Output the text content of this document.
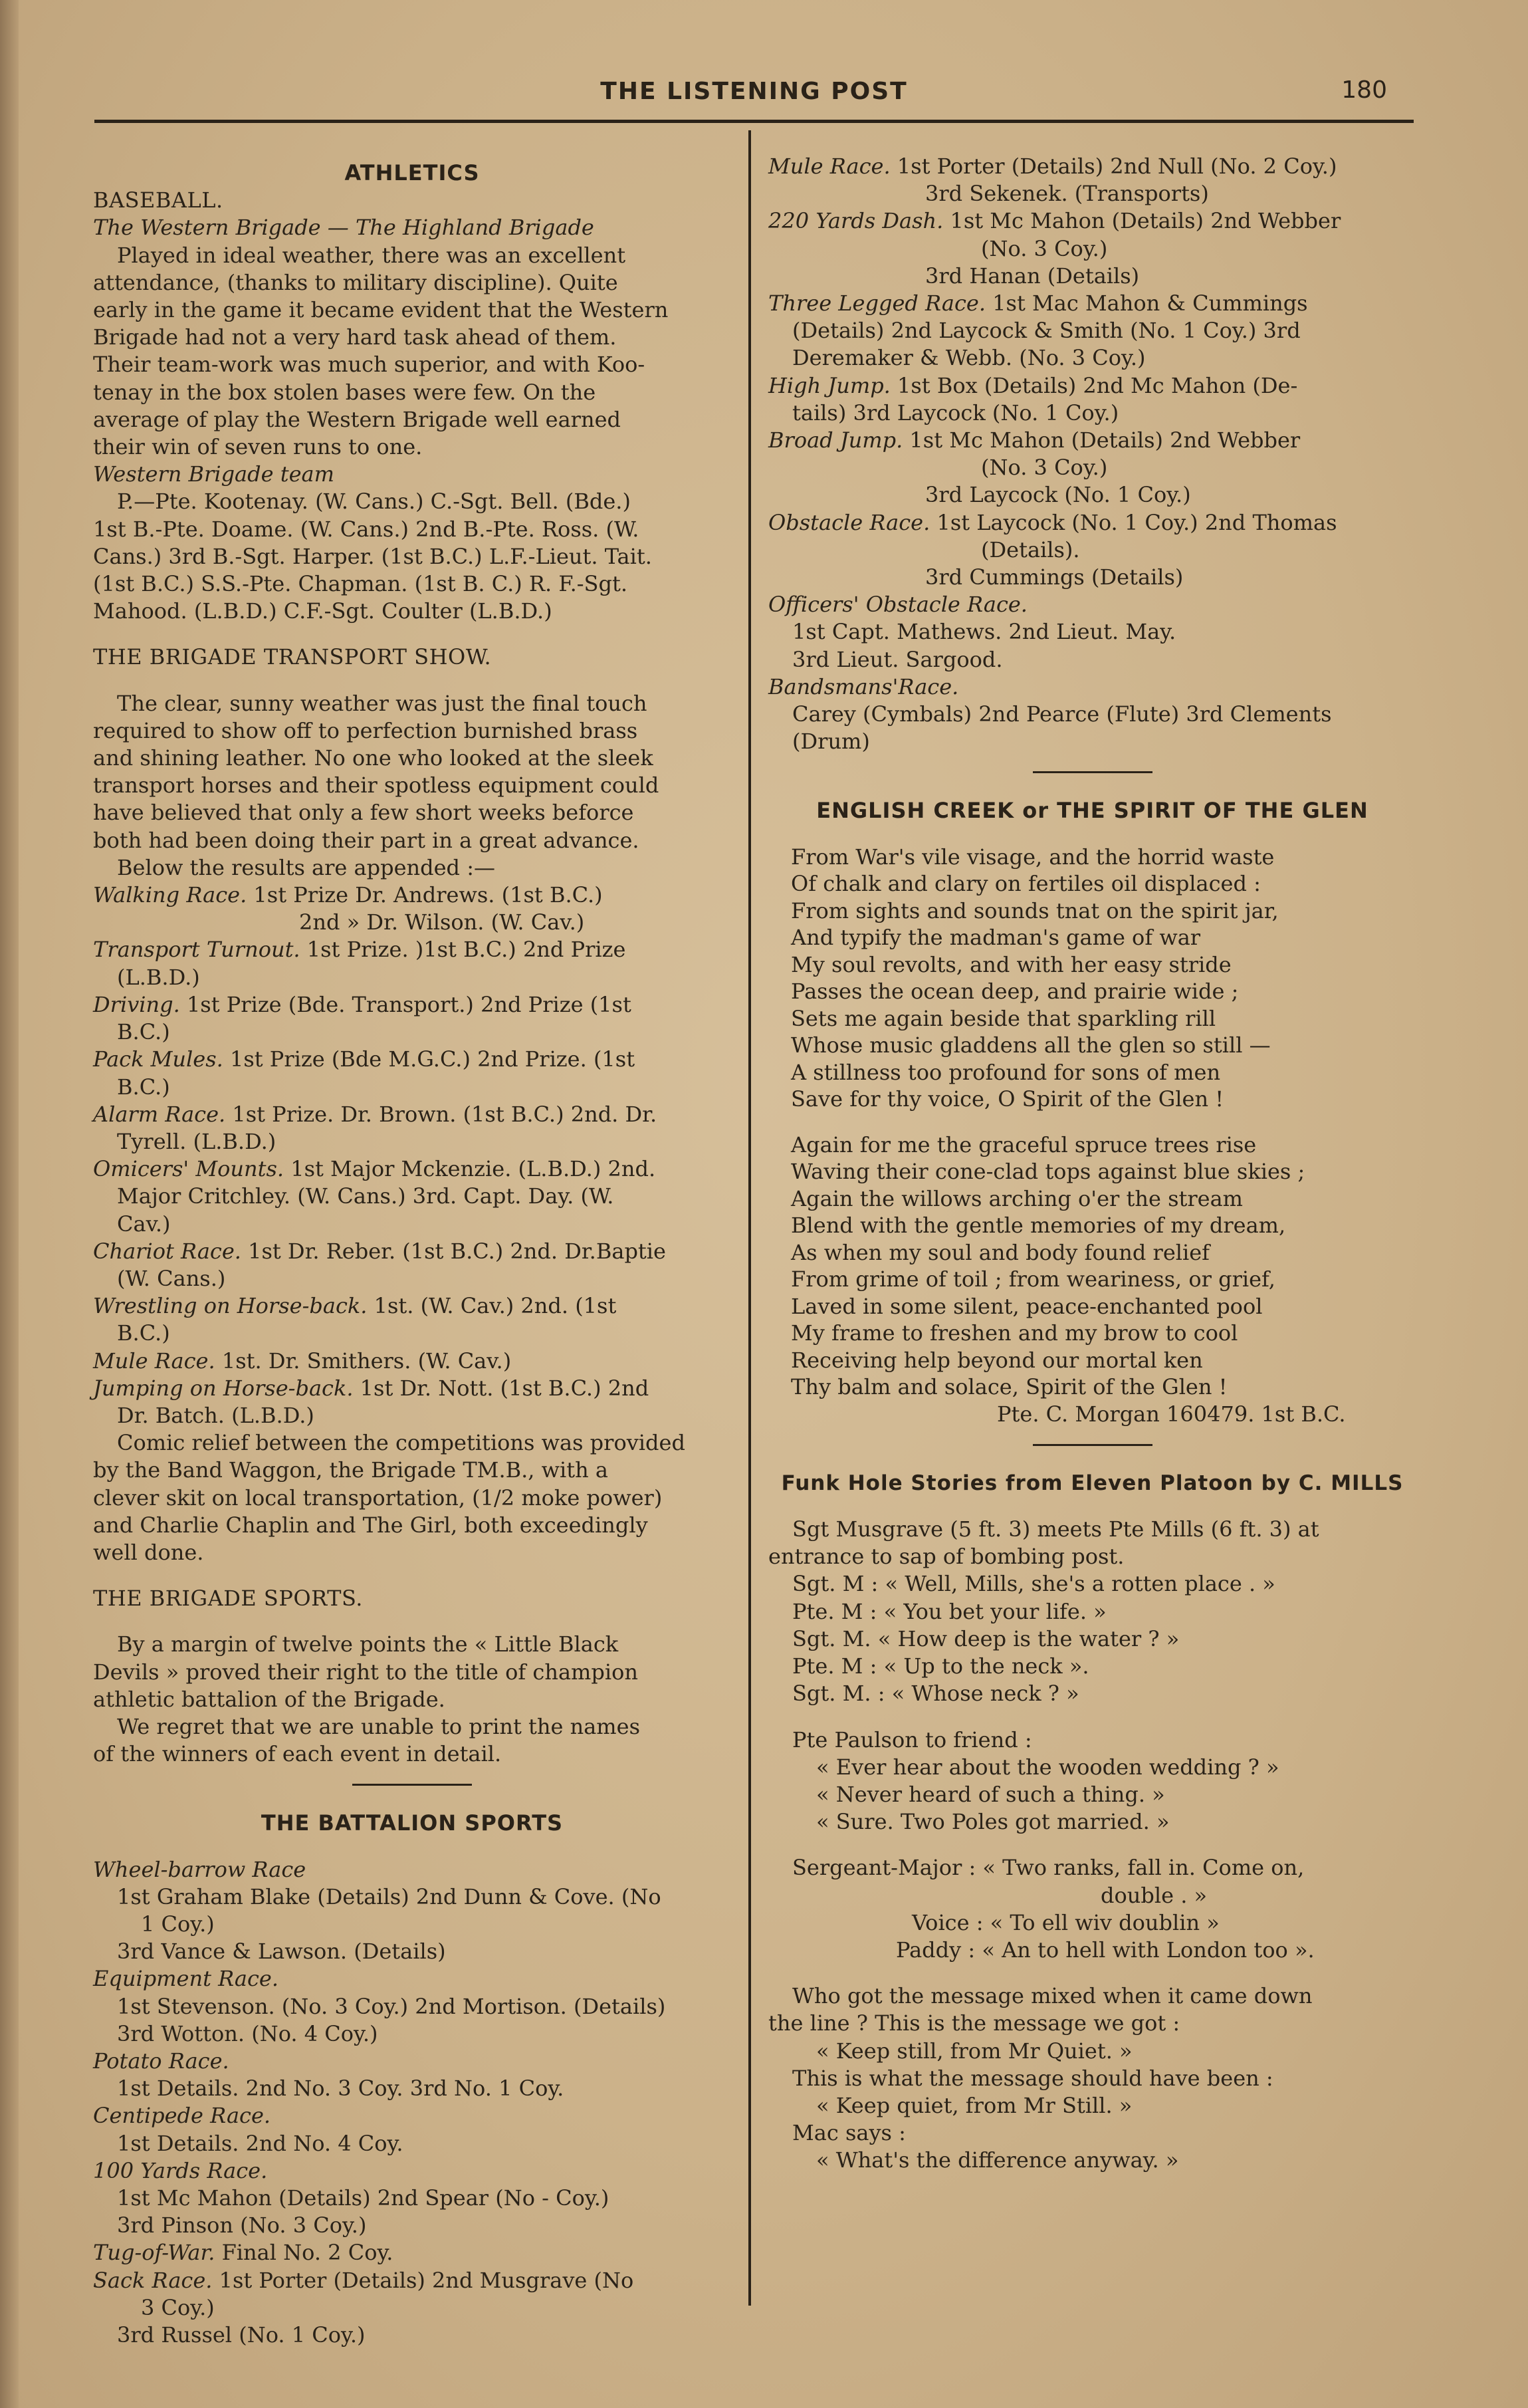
THE LISTENING POST	180
ATHLETICS
BASEBALL.
The Western Brigade — The Highland Brigade
Played in ideal weather, there was an excellent
attendance, (thanks to military discipline). Quite
early in the game it became evident that the Western
Brigade had not a very hard task ahead of them.
Their team-work was much superior, and with Koo-
tenay in the box stolen bases were few. On the
average of play the Western Brigade well earned
their win of seven runs to one.
Western Brigade team
P.—Pte. Kootenay. (W. Cans.) C.-Sgt. Bell. (Bde.)
1st B.-Pte. Doame. (W. Cans.) 2nd B.-Pte. Ross. (W.
Cans.) 3rd B.-Sgt. Harper. (1st B.C.) L.F.-Lieut. Tait.
(1st B.C.) S.S.-Pte. Chapman. (1st B. C.) R. F.-Sgt.
Mahood. (L.B.D.) C.F.-Sgt. Coulter (L.B.D.)
THE BRIGADE TRANSPORT SHOW.
The clear, sunny weather was just the final touch
required to show off to perfection burnished brass
and shining leather. No one who looked at the sleek
transport horses and their spotless equipment could
have believed that only a few short weeks beforce
both had been doing their part in a great advance.
Below the results are appended :—
Walking Race. 1st Prize Dr. Andrews. (1st B.C.)
2nd » Dr. Wilson. (W. Cav.)
Transport Turnout. 1st Prize. )1st B.C.) 2nd Prize
(L.B.D.)
Driving. 1st Prize (Bde. Transport.) 2nd Prize (1st
B.C.)
Pack Mules. 1st Prize (Bde M.G.C.) 2nd Prize. (1st
B.C.)
Alarm Race. 1st Prize. Dr. Brown. (1st B.C.) 2nd. Dr.
Tyrell. (L.B.D.)
Omicers' Mounts. 1st Major Mckenzie. (L.B.D.) 2nd.
Major Critchley. (W. Cans.) 3rd. Capt. Day. (W.
Cav.)
Chariot Race. 1st Dr. Reber. (1st B.C.) 2nd. Dr.Baptie
(W. Cans.)
Wrestling on Horse-back. 1st. (W. Cav.) 2nd. (1st
B.C.)
Mule Race. 1st. Dr. Smithers. (W. Cav.)
Jumping on Horse-back. 1st Dr. Nott. (1st B.C.) 2nd
Dr. Batch. (L.B.D.)
Comic relief between the competitions was provided
by the Band Waggon, the Brigade TM.B., with a
clever skit on local transportation, (1/2 moke power)
and Charlie Chaplin and The Girl, both exceedingly
well done.
THE BRIGADE SPORTS.
By a margin of twelve points the « Little Black
Devils » proved their right to the title of champion
athletic battalion of the Brigade.
We regret that we are unable to print the names
of the winners of each event in detail.
THE BATTALION SPORTS
Wheel-barrow Race
1st Graham Blake (Details) 2nd Dunn & Cove. (No
1 Coy.)
3rd Vance & Lawson. (Details)
Equipment Race.
1st Stevenson. (No. 3 Coy.) 2nd Mortison. (Details)
3rd Wotton. (No. 4 Coy.)
Potato Race.
1st Details. 2nd No. 3 Coy. 3rd No. 1 Coy.
Centipede Race.
1st Details. 2nd No. 4 Coy.
100 Yards Race.
1st Mc Mahon (Details) 2nd Spear (No - Coy.)
3rd Pinson (No. 3 Coy.)
Tug-of-War. Final No. 2 Coy.
Sack Race. 1st Porter (Details) 2nd Musgrave (No
3 Coy.)
3rd Russel (No. 1 Coy.)
Mule Race. 1st Porter (Details) 2nd Null (No. 2 Coy.)
3rd Sekenek. (Transports)
220 Yards Dash. 1st Mc Mahon (Details) 2nd Webber
(No. 3 Coy.)
3rd Hanan (Details)
Three Legged Race. 1st Mac Mahon & Cummings
(Details) 2nd Laycock & Smith (No. 1 Coy.) 3rd
Deremaker & Webb. (No. 3 Coy.)
High Jump. 1st Box (Details) 2nd Mc Mahon (De-
tails) 3rd Laycock (No. 1 Coy.)
Broad Jump. 1st Mc Mahon (Details) 2nd Webber
(No. 3 Coy.)
3rd Laycock (No. 1 Coy.)
Obstacle Race. 1st Laycock (No. 1 Coy.) 2nd Thomas
(Details).
3rd Cummings (Details)
Officers' Obstacle Race.
1st Capt. Mathews. 2nd Lieut. May.
3rd Lieut. Sargood.
Bandsmans'Race.
Carey (Cymbals) 2nd Pearce (Flute) 3rd Clements
(Drum)
ENGLISH CREEK or THE SPIRIT OF THE GLEN
From War's vile visage, and the horrid waste
Of chalk and clary on fertiles oil displaced :
From sights and sounds tnat on the spirit jar,
And typify the madman's game of war
My soul revolts, and with her easy stride
Passes the ocean deep, and prairie wide ;
Sets me again beside that sparkling rill
Whose music gladdens all the glen so still —
A stillness too profound for sons of men
Save for thy voice, O Spirit of the Glen !
Again for me the graceful spruce trees rise
Waving their cone-clad tops against blue skies ;
Again the willows arching o'er the stream
Blend with the gentle memories of my dream,
As when my soul and body found relief
From grime of toil ; from weariness, or grief,
Laved in some silent, peace-enchanted pool
My frame to freshen and my brow to cool
Receiving help beyond our mortal ken
Thy balm and solace, Spirit of the Glen !
Pte. C. Morgan 160479. 1st B.C.
Funk Hole Stories from Eleven Platoon by C. MILLS
Sgt Musgrave (5 ft. 3) meets Pte Mills (6 ft. 3) at
entrance to sap of bombing post.
Sgt. M : « Well, Mills, she's a rotten place . »
Pte. M : « You bet your life. »
Sgt. M. « How deep is the water ? »
Pte. M : « Up to the neck ».
Sgt. M. : « Whose neck ? »
Pte Paulson to friend :
« Ever hear about the wooden wedding ? »
« Never heard of such a thing. »
« Sure. Two Poles got married. »
Sergeant-Major : « Two ranks, fall in. Come on,
double . »
Voice : « To ell wiv doublin »
Paddy : « An to hell with London too ».
Who got the message mixed when it came down
the line ? This is the message we got :
« Keep still, from Mr Quiet. »
This is what the message should have been :
« Keep quiet, from Mr Still. »
Mac says :
« What's the difference anyway. »
